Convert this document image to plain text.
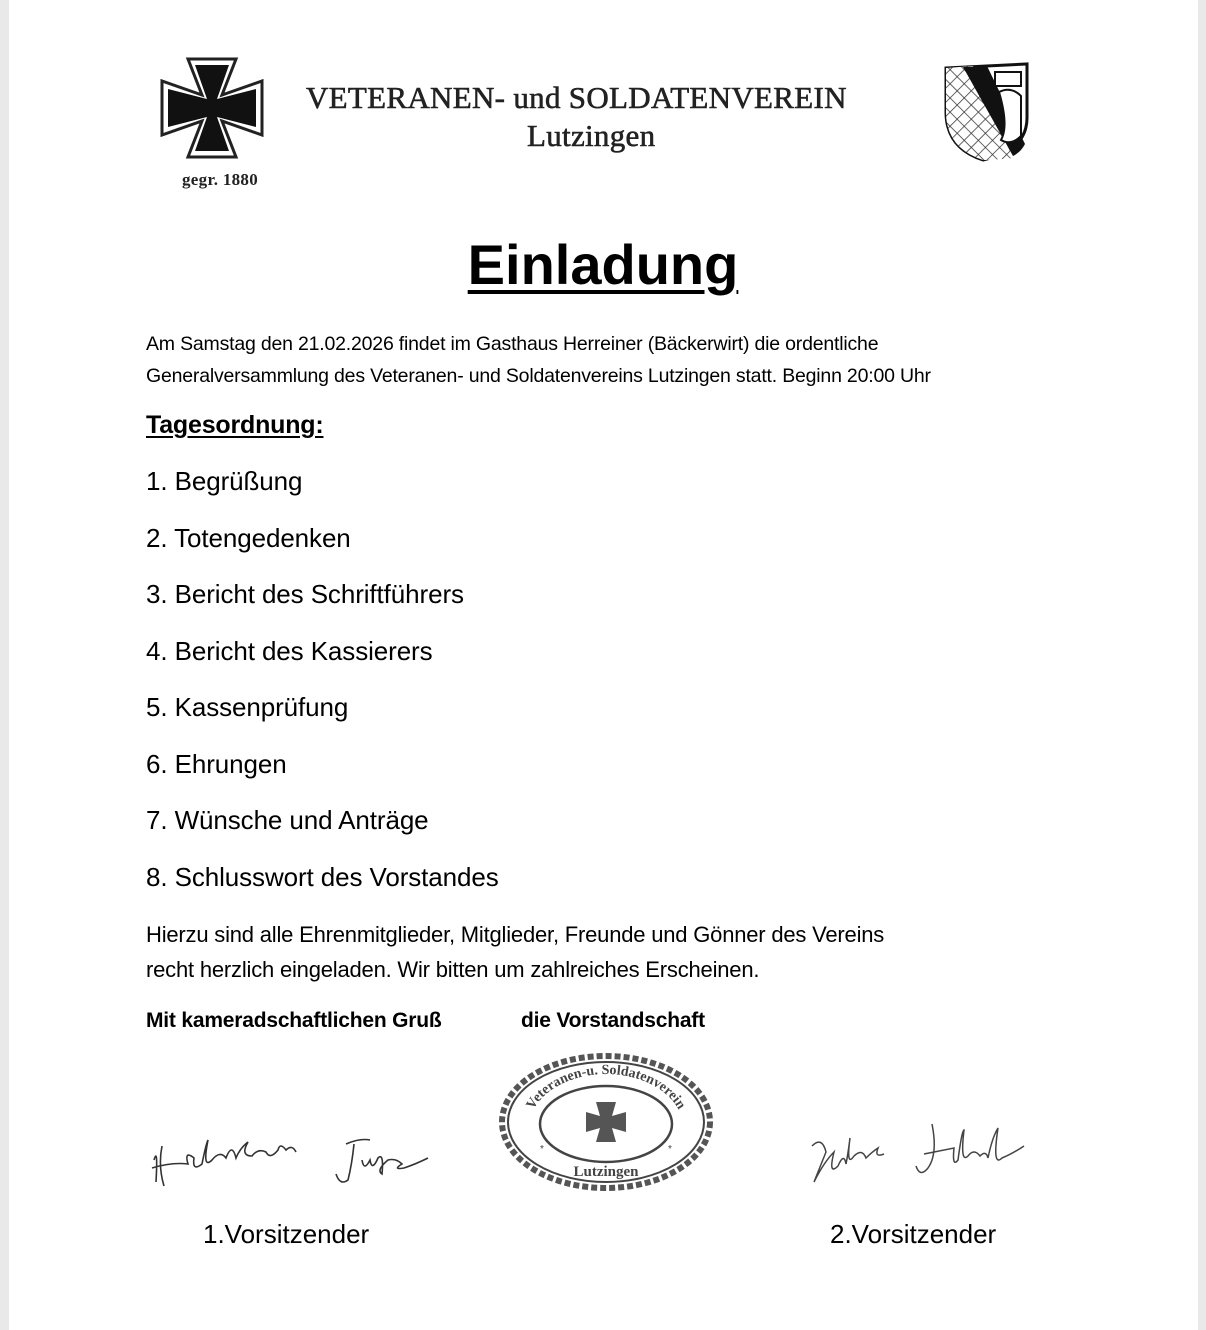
gegr. 1880
VETERANEN- und SOLDATENVEREIN
Lutzingen
Einladung
Am Samstag den 21.02.2026 findet im Gasthaus Herreiner (Bäckerwirt) die ordentliche
Generalversammlung des Veteranen- und Soldatenvereins Lutzingen statt. Beginn 20:00 Uhr
Tagesordnung:
1. Begrüßung
2. Totengedenken
3. Bericht des Schriftführers
4. Bericht des Kassierers
5. Kassenprüfung
6. Ehrungen
7. Wünsche und Anträge
8. Schlusswort des Vorstandes
Hierzu sind alle Ehrenmitglieder, Mitglieder, Freunde und Gönner des Vereins
recht herzlich eingeladen. Wir bitten um zahlreiches Erscheinen.
Mit kameradschaftlichen Gruß	die Vorstandschaft
Veteranen-u. Soldatenverein
Lutzingen
*	*
1.Vorsitzender	2.Vorsitzender
